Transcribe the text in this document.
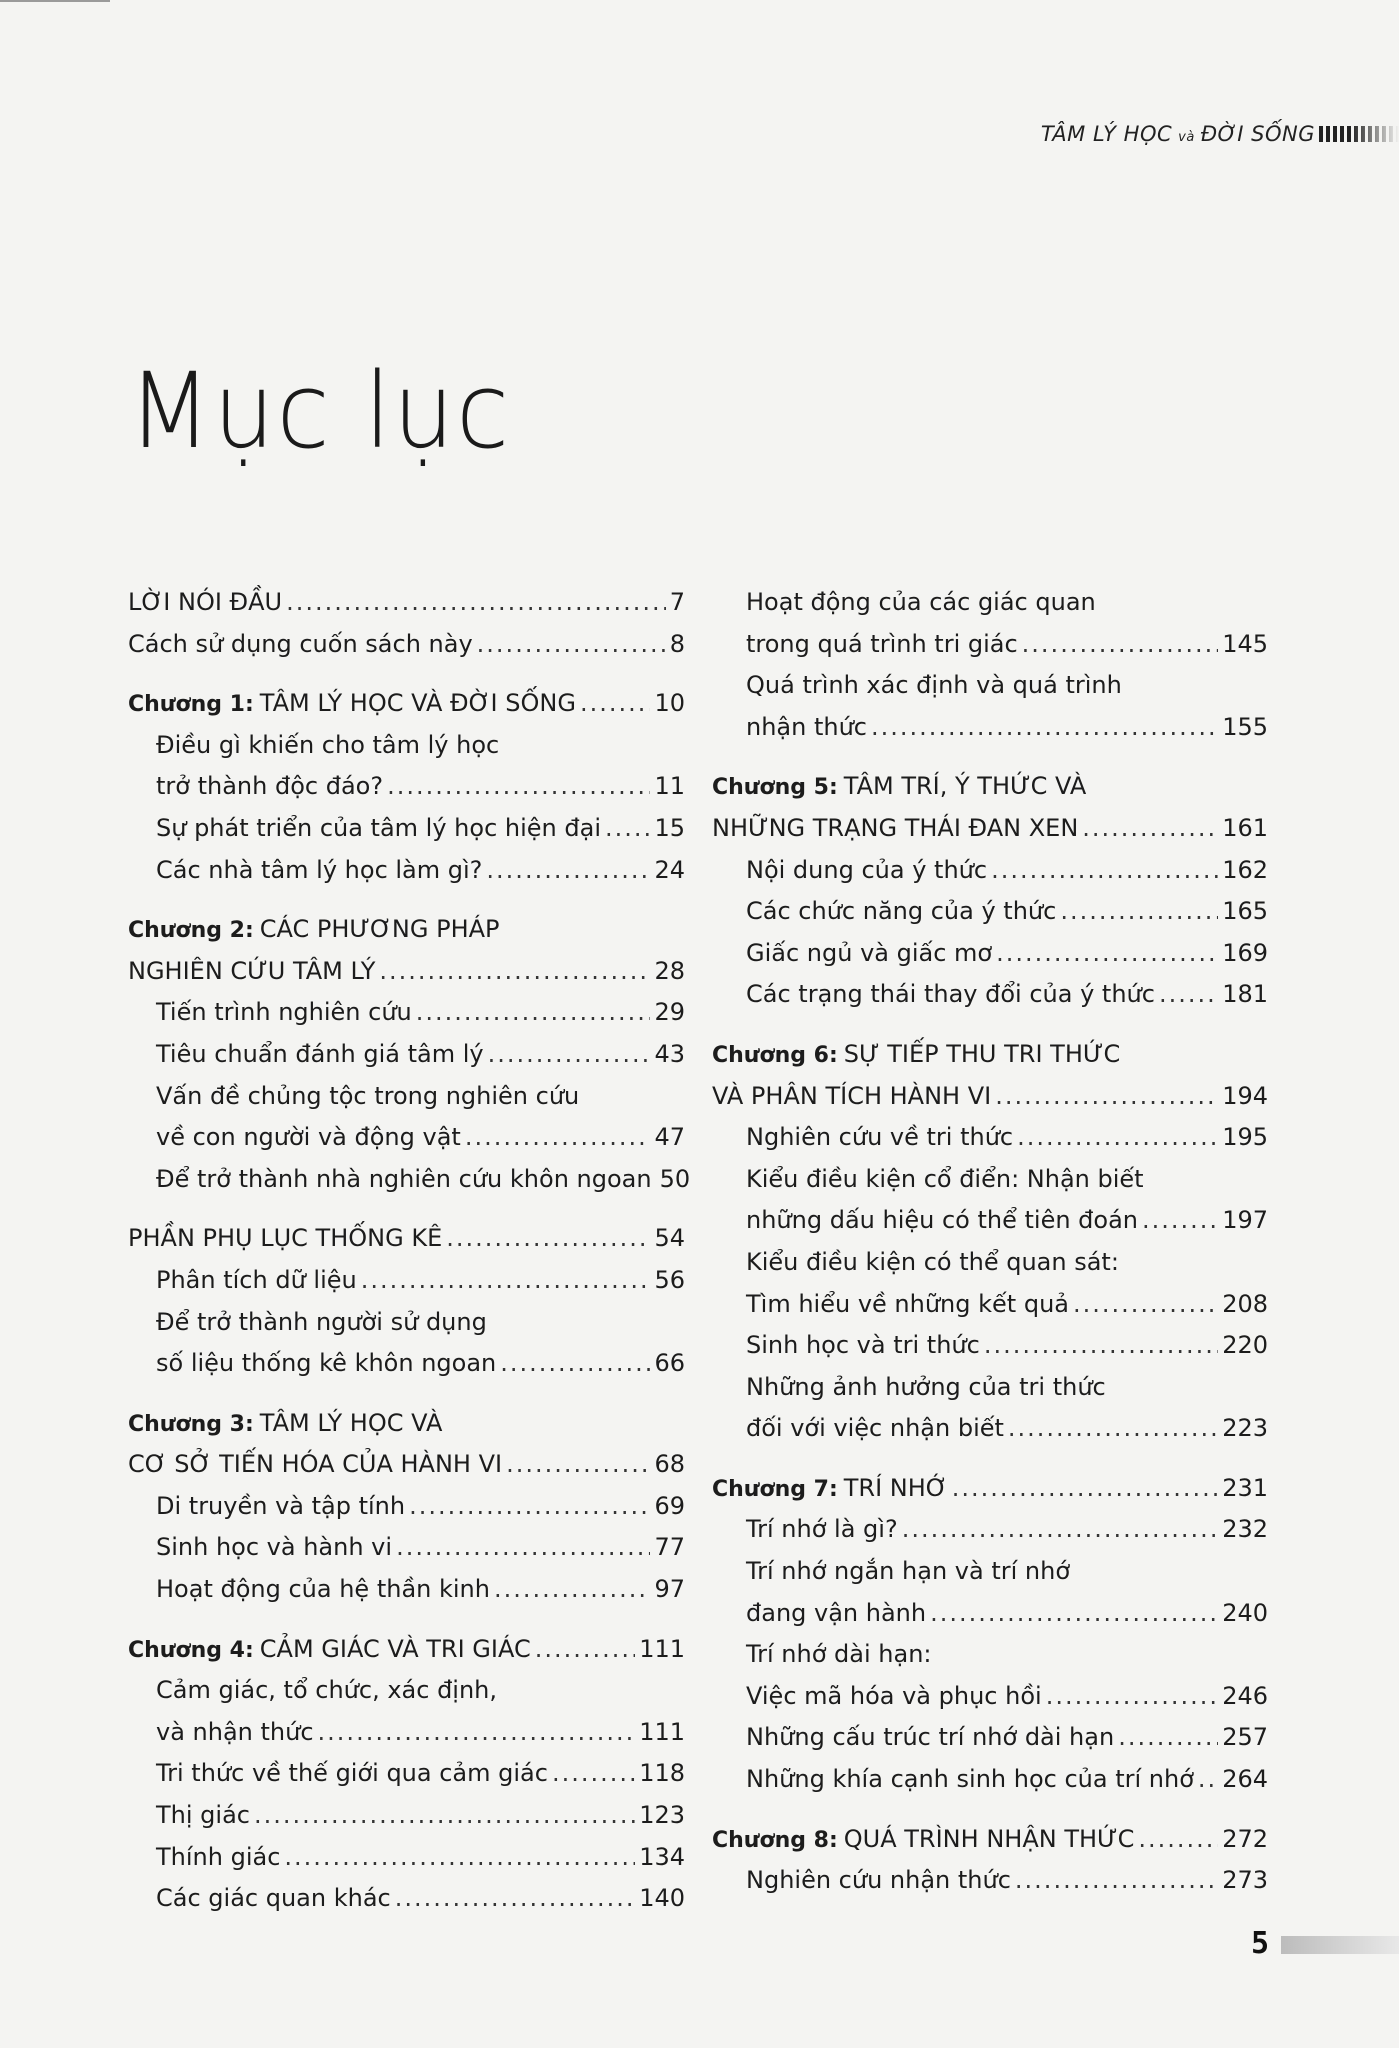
TÂM LÝ HỌC và ĐỜI SỐNG
Mục lục
LỜI NÓI ĐẦU .....	7
Cách sử dụng cuốn sách này .....	8
Chương 1: TÂM LÝ HỌC VÀ ĐỜI SỐNG .....	10
Điều gì khiến cho tâm lý học
trở thành độc đáo? .....	11
Sự phát triển của tâm lý học hiện đại ..... 15
Các nhà tâm lý học làm gì? .....	24
Chương 2: CÁC PHƯƠNG PHÁP
NGHIÊN CỨU TÂM LÝ .....	28
Tiến trình nghiên cứu .....	29
Tiêu chuẩn đánh giá tâm lý .....	43
Vấn đề chủng tộc trong nghiên cứu
về con người và động vật .....	47
Để trở thành nhà nghiên cứu khôn ngoan 50
PHẦN PHỤ LỤC THỐNG KÊ .....	54
Phân tích dữ liệu .....	56
Để trở thành người sử dụng
số liệu thống kê khôn ngoan .....	66
Chương 3: TÂM LÝ HỌC VÀ
CƠ SỞ TIẾN HÓA CỦA HÀNH VI .....	68
Di truyền và tập tính .....	69
Sinh học và hành vi .....	77
Hoạt động của hệ thần kinh .....	97
Chương 4: CẢM GIÁC VÀ TRI GIÁC .....	111
Cảm giác, tổ chức, xác định,
và nhận thức .....	111
Tri thức về thế giới qua cảm giác .....	118
Thị giác .....	123
Thính giác .....	134
Các giác quan khác .....	140
Hoạt động của các giác quan
trong quá trình tri giác .....	145
Quá trình xác định và quá trình
nhận thức .....	155
Chương 5: TÂM TRÍ, Ý THỨC VÀ
NHỮNG TRẠNG THÁI ĐAN XEN .....	161
Nội dung của ý thức .....	162
Các chức năng của ý thức .....	165
Giấc ngủ và giấc mơ .....	169
Các trạng thái thay đổi của ý thức .....	181
Chương 6: SỰ TIẾP THU TRI THỨC
VÀ PHÂN TÍCH HÀNH VI .....	194
Nghiên cứu về tri thức .....	195
Kiểu điều kiện cổ điển: Nhận biết
những dấu hiệu có thể tiên đoán .....	197
Kiểu điều kiện có thể quan sát:
Tìm hiểu về những kết quả .....	208
Sinh học và tri thức .....	220
Những ảnh hưởng của tri thức
đối với việc nhận biết .....	223
Chương 7: TRÍ NHỚ .....	231
Trí nhớ là gì? .....	232
Trí nhớ ngắn hạn và trí nhớ
đang vận hành .....	240
Trí nhớ dài hạn:
Việc mã hóa và phục hồi .....	246
Những cấu trúc trí nhớ dài hạn .....	257
Những khía cạnh sinh học của trí nhớ ..... 264
Chương 8: QUÁ TRÌNH NHẬN THỨC .....	272
Nghiên cứu nhận thức .....	273
5
